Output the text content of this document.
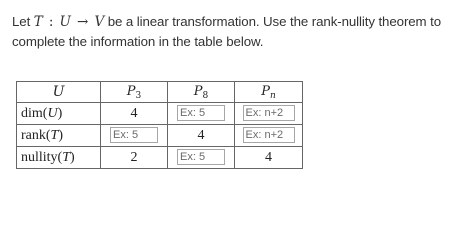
Let T : U → V be a linear transformation. Use the rank-nullity theorem to complete the information in the table below.
U	$P_3$	$P_8$	$P_n$
dim(U)	4	Ex: 5	Ex: n+2
rank(T)	Ex: 5	4	Ex: n+2
nullity(T)	2	Ex: 5	4
